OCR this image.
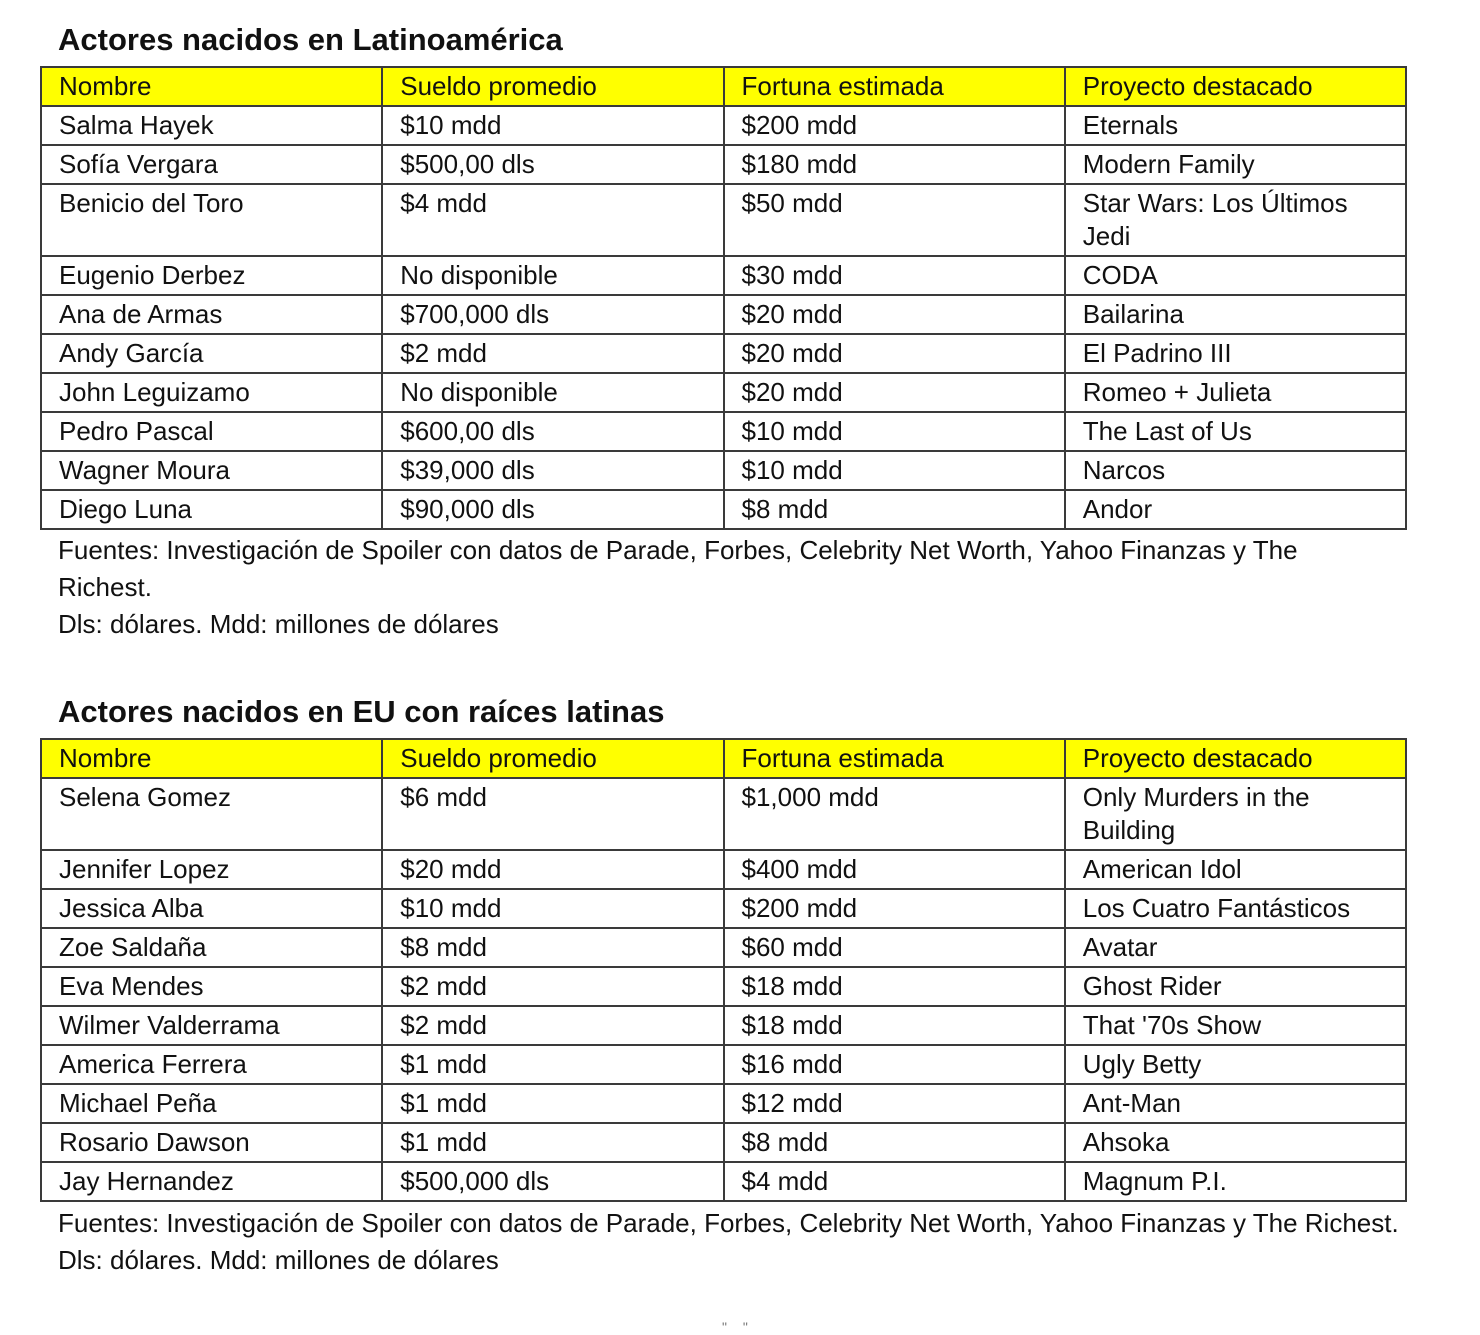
Actores nacidos en Latinoamérica
Nombre	Sueldo promedio	Fortuna estimada	Proyecto destacado
Salma Hayek	$10 mdd	$200 mdd	Eternals
Sofía Vergara	$500,00 dls	$180 mdd	Modern Family
Benicio del Toro	$4 mdd	$50 mdd	Star Wars: Los Últimos Jedi
Eugenio Derbez	No disponible	$30 mdd	CODA
Ana de Armas	$700,000 dls	$20 mdd	Bailarina
Andy García	$2 mdd	$20 mdd	El Padrino III
John Leguizamo	No disponible	$20 mdd	Romeo + Julieta
Pedro Pascal	$600,00 dls	$10 mdd	The Last of Us
Wagner Moura	$39,000 dls	$10 mdd	Narcos
Diego Luna	$90,000 dls	$8 mdd	Andor

Fuentes: Investigación de Spoiler con datos de Parade, Forbes, Celebrity Net Worth, Yahoo Finanzas y The Richest.

Dls: dólares. Mdd: millones de dólares

Actores nacidos en EU con raíces latinas
Nombre	Sueldo promedio	Fortuna estimada	Proyecto destacado
Selena Gomez	$6 mdd	$1,000 mdd	Only Murders in the Building
Jennifer Lopez	$20 mdd	$400 mdd	American Idol
Jessica Alba	$10 mdd	$200 mdd	Los Cuatro Fantásticos
Zoe Saldaña	$8 mdd	$60 mdd	Avatar
Eva Mendes	$2 mdd	$18 mdd	Ghost Rider
Wilmer Valderrama	$2 mdd	$18 mdd	That '70s Show
America Ferrera	$1 mdd	$16 mdd	Ugly Betty
Michael Peña	$1 mdd	$12 mdd	Ant-Man
Rosario Dawson	$1 mdd	$8 mdd	Ahsoka
Jay Hernandez	$500,000 dls	$4 mdd	Magnum P.I.

Fuentes: Investigación de Spoiler con datos de Parade, Forbes, Celebrity Net Worth, Yahoo Finanzas y The Richest.

Dls: dólares. Mdd: millones de dólares

" "
